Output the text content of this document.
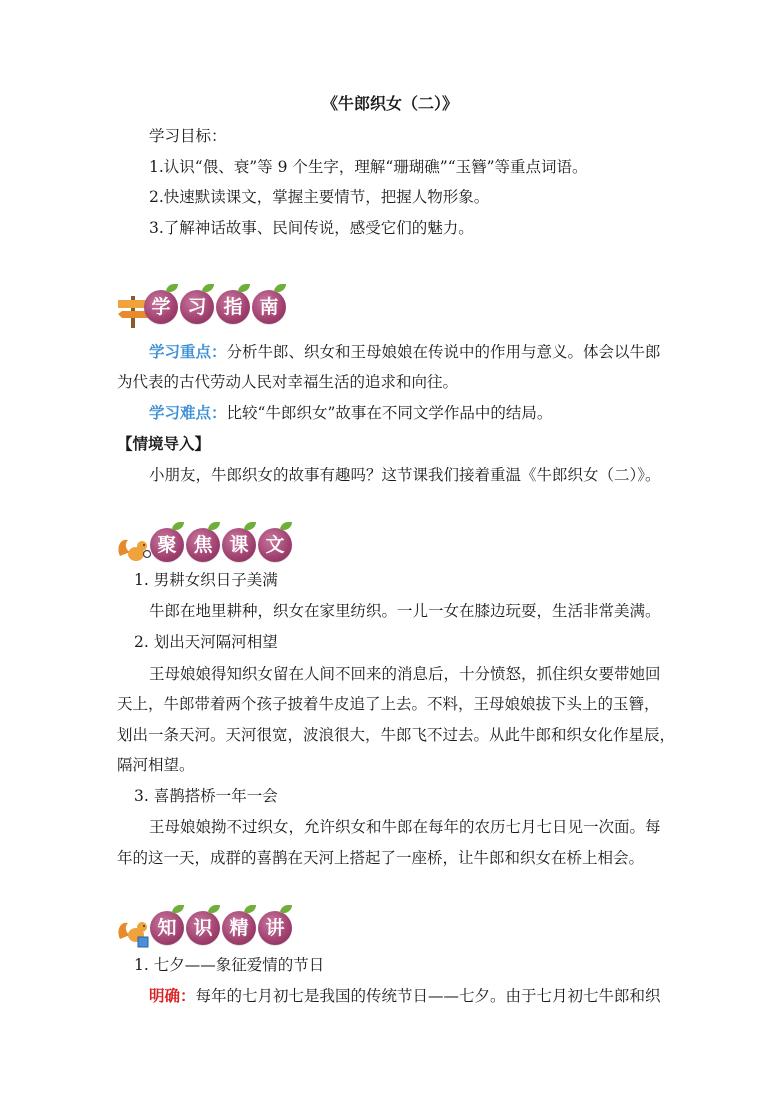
《牛郎织女（二）》
学习目标：
1.认识“偎、衰”等 9 个生字，理解“珊瑚礁”“玉簪”等重点词语。
2.快速默读课文，掌握主要情节，把握人物形象。
3.了解神话故事、民间传说，感受它们的魅力。
学 习 指 南
学习重点：分析牛郎、织女和王母娘娘在传说中的作用与意义。体会以牛郎
为代表的古代劳动人民对幸福生活的追求和向往。
学习难点：比较“牛郎织女”故事在不同文学作品中的结局。
【情境导入】
小朋友，牛郎织女的故事有趣吗？这节课我们接着重温《牛郎织女（二）》。
聚 焦 课 文
1. 男耕女织日子美满
牛郎在地里耕种，织女在家里纺织。一儿一女在膝边玩耍，生活非常美满。
2. 划出天河隔河相望
王母娘娘得知织女留在人间不回来的消息后，十分愤怒，抓住织女要带她回
天上，牛郎带着两个孩子披着牛皮追了上去。不料，王母娘娘拔下头上的玉簪，
划出一条天河。天河很宽，波浪很大，牛郎飞不过去。从此牛郎和织女化作星辰，
隔河相望。
3. 喜鹊搭桥一年一会
王母娘娘拗不过织女，允许织女和牛郎在每年的农历七月七日见一次面。每
年的这一天，成群的喜鹊在天河上搭起了一座桥，让牛郎和织女在桥上相会。
知 识 精 讲
1. 七夕——象征爱情的节日
明确：每年的七月初七是我国的传统节日——七夕。由于七月初七牛郎和织
